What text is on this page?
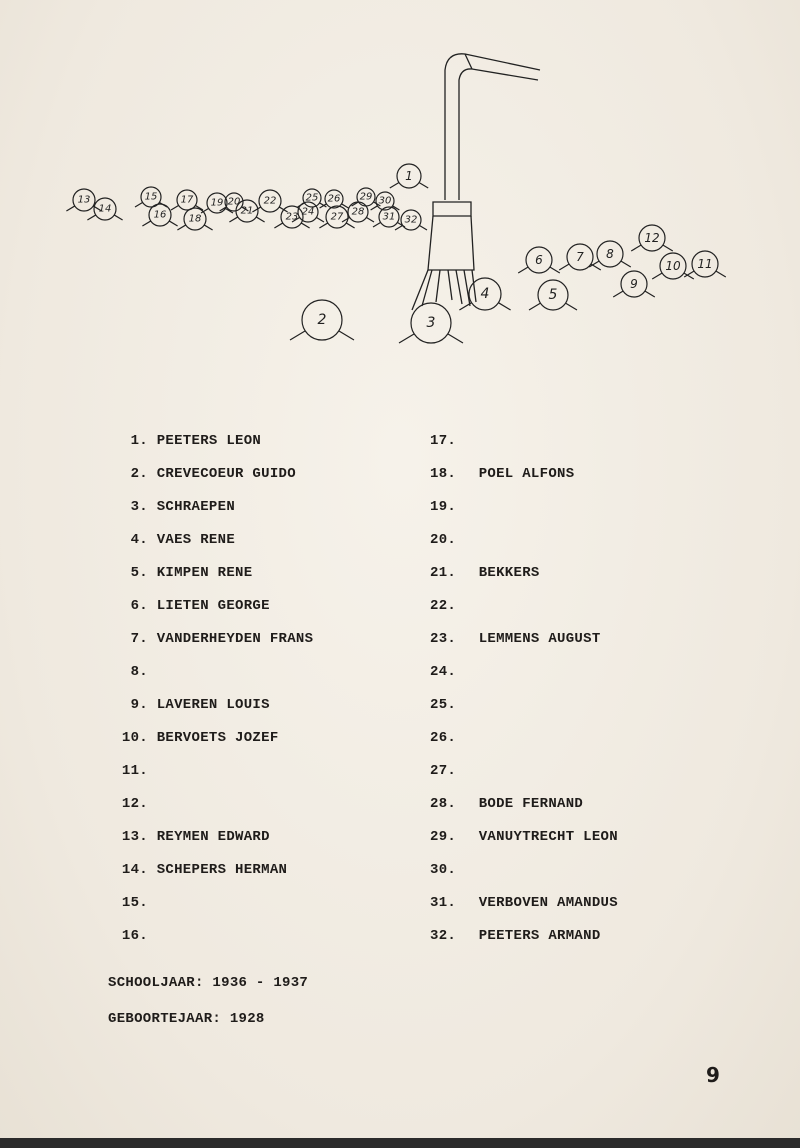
1
2	3
4	5
6	7 8
9
10 11
12
13
14
15
16
17
18
19 20
21
22
23 24
25 26
27 28
29 30
31 32
1. PEETERS LEON
2. CREVECOEUR GUIDO
3. SCHRAEPEN
4. VAES RENE
5. KIMPEN RENE
6. LIETEN GEORGE
7. VANDERHEYDEN FRANS
8.
9. LAVEREN LOUIS
10. BERVOETS JOZEF
11.
12.
13. REYMEN EDWARD
14. SCHEPERS HERMAN
15.
16.
17.
18. POEL ALFONS
19.
20.
21. BEKKERS
22.
23. LEMMENS AUGUST
24.
25.
26.
27.
28. BODE FERNAND
29. VANUYTRECHT LEON
30.
31. VERBOVEN AMANDUS
32. PEETERS ARMAND
SCHOOLJAAR: 1936 - 1937
GEBOORTEJAAR: 1928
9
